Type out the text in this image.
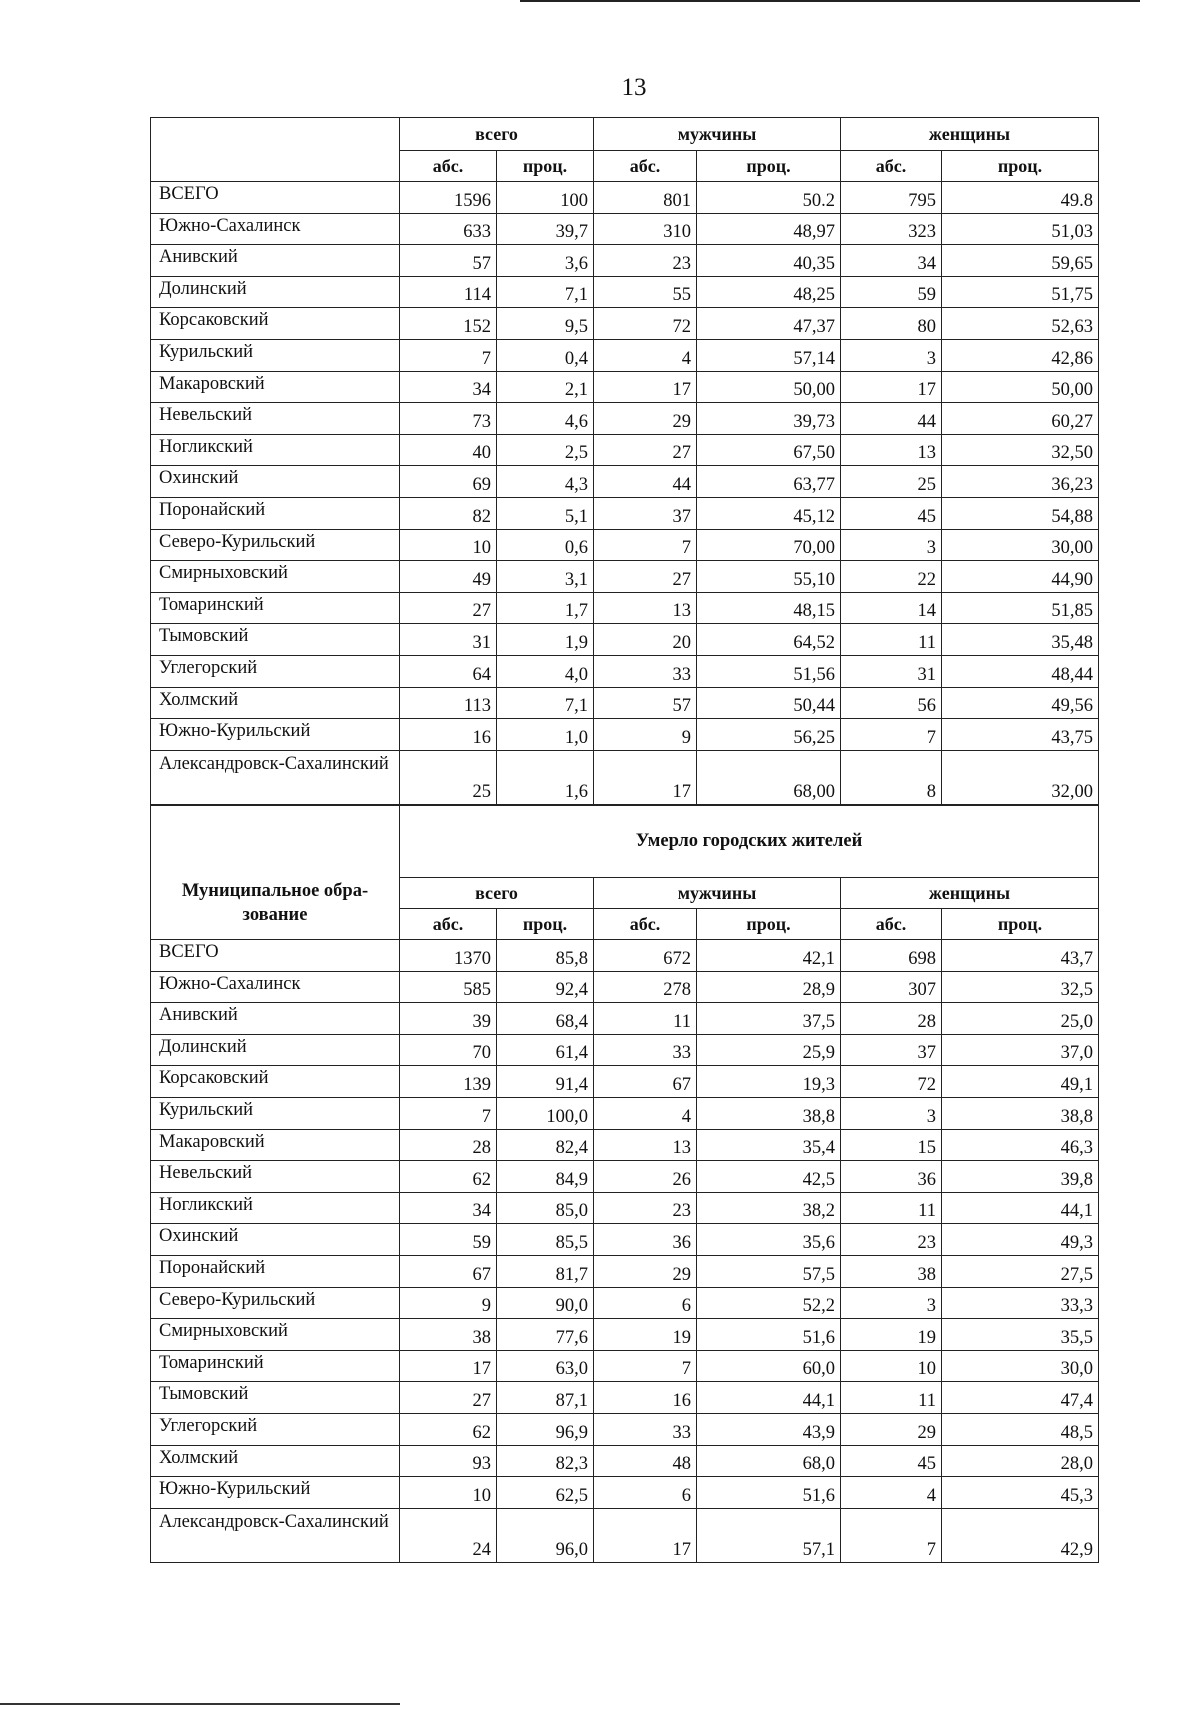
13
	всего		мужчины		женщины	
	абс.	проц.	абс.	проц.	абс.	проц.
ВСЕГО	1596	100	801	50.2	795	49.8
Южно-Сахалинск	633	39,7	310	48,97	323	51,03
Анивский	57	3,6	23	40,35	34	59,65
Долинский	114	7,1	55	48,25	59	51,75
Корсаковский	152	9,5	72	47,37	80	52,63
Курильский	7	0,4	4	57,14	3	42,86
Макаровский	34	2,1	17	50,00	17	50,00
Невельский	73	4,6	29	39,73	44	60,27
Ногликский	40	2,5	27	67,50	13	32,50
Охинский	69	4,3	44	63,77	25	36,23
Поронайский	82	5,1	37	45,12	45	54,88
Северо-Курильский	10	0,6	7	70,00	3	30,00
Смирныховский	49	3,1	27	55,10	22	44,90
Томаринский	27	1,7	13	48,15	14	51,85
Тымовский	31	1,9	20	64,52	11	35,48
Углегорский	64	4,0	33	51,56	31	48,44
Холмский	113	7,1	57	50,44	56	49,56
Южно-Курильский	16	1,0	9	56,25	7	43,75
Александровск-Сахалинский	25	1,6	17	68,00	8	32,00
Муниципальное обра-зование	Умерло городских жителей					
	всего		мужчины		женщины	
	абс.	проц.	абс.	проц.	абс.	проц.
ВСЕГО	1370	85,8	672	42,1	698	43,7
Южно-Сахалинск	585	92,4	278	28,9	307	32,5
Анивский	39	68,4	11	37,5	28	25,0
Долинский	70	61,4	33	25,9	37	37,0
Корсаковский	139	91,4	67	19,3	72	49,1
Курильский	7	100,0	4	38,8	3	38,8
Макаровский	28	82,4	13	35,4	15	46,3
Невельский	62	84,9	26	42,5	36	39,8
Ногликский	34	85,0	23	38,2	11	44,1
Охинский	59	85,5	36	35,6	23	49,3
Поронайский	67	81,7	29	57,5	38	27,5
Северо-Курильский	9	90,0	6	52,2	3	33,3
Смирныховский	38	77,6	19	51,6	19	35,5
Томаринский	17	63,0	7	60,0	10	30,0
Тымовский	27	87,1	16	44,1	11	47,4
Углегорский	62	96,9	33	43,9	29	48,5
Холмский	93	82,3	48	68,0	45	28,0
Южно-Курильский	10	62,5	6	51,6	4	45,3
Александровск-Сахалинский	24	96,0	17	57,1	7	42,9
